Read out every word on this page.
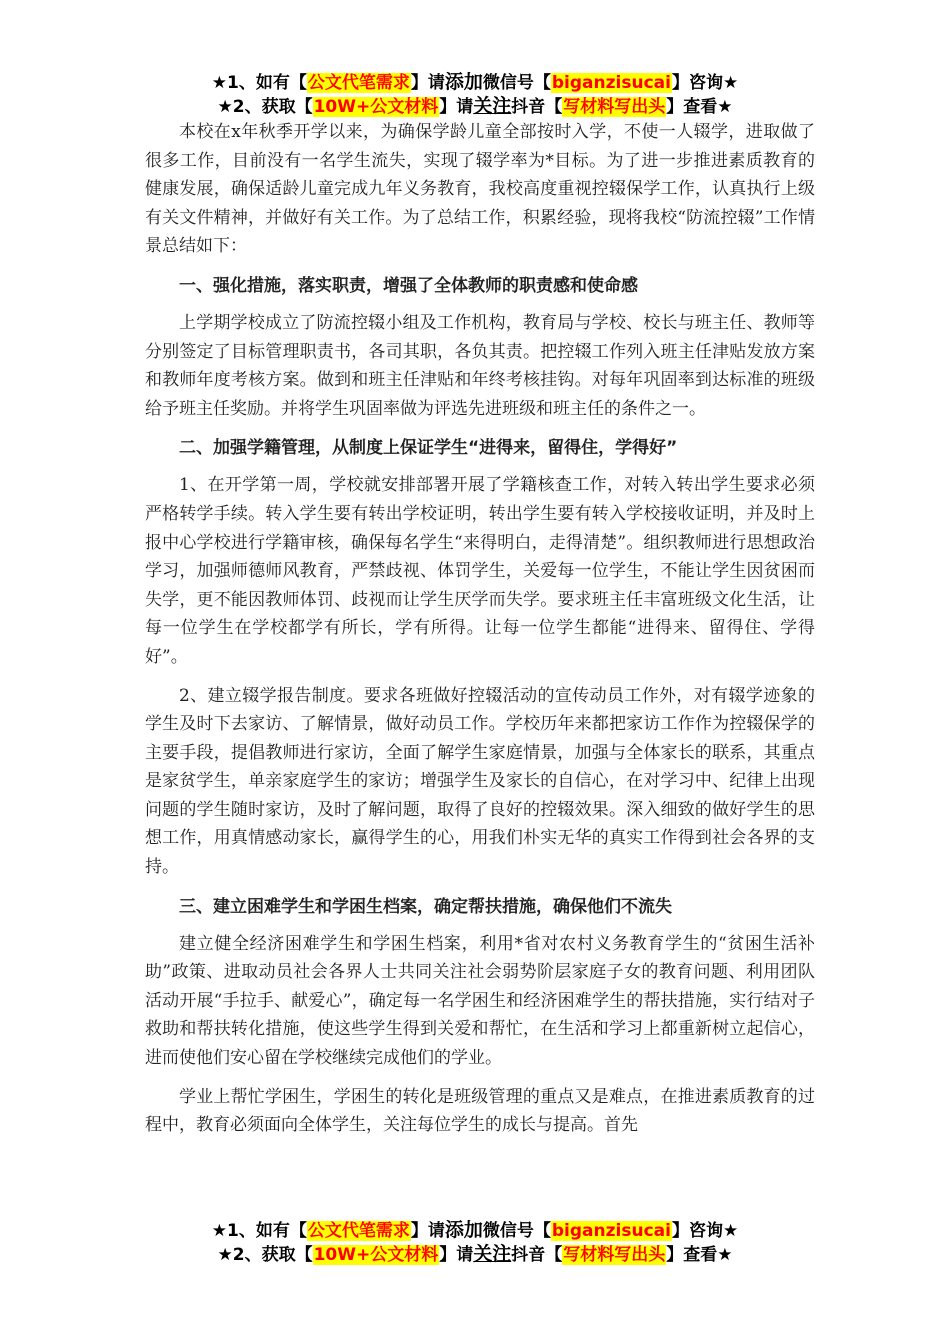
★1、如有【公文代笔需求】请添加微信号【biganzisucai】咨询★
★2、获取【10W+公文材料】请关注抖音【写材料写出头】查看★

本校在x年秋季开学以来，为确保学龄儿童全部按时入学，不使一人辍学，进取做了很多工作，目前没有一名学生流失，实现了辍学率为*目标。为了进一步推进素质教育的健康发展，确保适龄儿童完成九年义务教育，我校高度重视控辍保学工作，认真执行上级有关文件精神，并做好有关工作。为了总结工作，积累经验，现将我校“防流控辍”工作情景总结如下：

一、强化措施，落实职责，增强了全体教师的职责感和使命感

上学期学校成立了防流控辍小组及工作机构，教育局与学校、校长与班主任、教师等分别签定了目标管理职责书，各司其职，各负其责。把控辍工作列入班主任津贴发放方案和教师年度考核方案。做到和班主任津贴和年终考核挂钩。对每年巩固率到达标准的班级给予班主任奖励。并将学生巩固率做为评选先进班级和班主任的条件之一。

二、加强学籍管理，从制度上保证学生“进得来，留得住，学得好”

1、在开学第一周，学校就安排部署开展了学籍核查工作，对转入转出学生要求必须严格转学手续。转入学生要有转出学校证明，转出学生要有转入学校接收证明，并及时上报中心学校进行学籍审核，确保每名学生“来得明白，走得清楚”。组织教师进行思想政治学习，加强师德师风教育，严禁歧视、体罚学生，关爱每一位学生，不能让学生因贫困而失学，更不能因教师体罚、歧视而让学生厌学而失学。要求班主任丰富班级文化生活，让每一位学生在学校都学有所长，学有所得。让每一位学生都能“进得来、留得住、学得好”。

2、建立辍学报告制度。要求各班做好控辍活动的宣传动员工作外，对有辍学迹象的学生及时下去家访、了解情景，做好动员工作。学校历年来都把家访工作作为控辍保学的主要手段，提倡教师进行家访，全面了解学生家庭情景，加强与全体家长的联系，其重点是家贫学生，单亲家庭学生的家访；增强学生及家长的自信心，在对学习中、纪律上出现问题的学生随时家访，及时了解问题，取得了良好的控辍效果。深入细致的做好学生的思想工作，用真情感动家长，赢得学生的心，用我们朴实无华的真实工作得到社会各界的支持。

三、建立困难学生和学困生档案，确定帮扶措施，确保他们不流失

建立健全经济困难学生和学困生档案，利用*省对农村义务教育学生的“贫困生活补助”政策、进取动员社会各界人士共同关注社会弱势阶层家庭子女的教育问题、利用团队活动开展“手拉手、献爱心”，确定每一名学困生和经济困难学生的帮扶措施，实行结对子救助和帮扶转化措施，使这些学生得到关爱和帮忙，在生活和学习上都重新树立起信心，进而使他们安心留在学校继续完成他们的学业。

学业上帮忙学困生，学困生的转化是班级管理的重点又是难点，在推进素质教育的过程中，教育必须面向全体学生，关注每位学生的成长与提高。首先

★1、如有【公文代笔需求】请添加微信号【biganzisucai】咨询★
★2、获取【10W+公文材料】请关注抖音【写材料写出头】查看★
